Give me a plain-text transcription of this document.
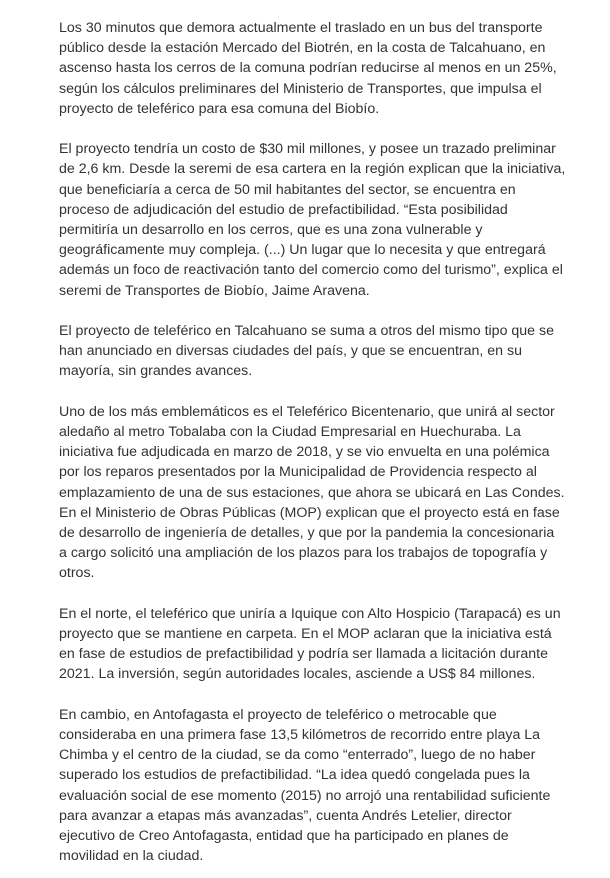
Los 30 minutos que demora actualmente el traslado en un bus del transporte público desde la estación Mercado del Biotrén, en la costa de Talcahuano, en ascenso hasta los cerros de la comuna podrían reducirse al menos en un 25%, según los cálculos preliminares del Ministerio de Transportes, que impulsa el proyecto de teleférico para esa comuna del Biobío.

El proyecto tendría un costo de $30 mil millones, y posee un trazado preliminar de 2,6 km. Desde la seremi de esa cartera en la región explican que la iniciativa, que beneficiaría a cerca de 50 mil habitantes del sector, se encuentra en proceso de adjudicación del estudio de prefactibilidad. “Esta posibilidad permitiría un desarrollo en los cerros, que es una zona vulnerable y geográficamente muy compleja. (...) Un lugar que lo necesita y que entregará además un foco de reactivación tanto del comercio como del turismo”, explica el seremi de Transportes de Biobío, Jaime Aravena.

El proyecto de teleférico en Talcahuano se suma a otros del mismo tipo que se han anunciado en diversas ciudades del país, y que se encuentran, en su mayoría, sin grandes avances.

Uno de los más emblemáticos es el Teleférico Bicentenario, que unirá al sector aledaño al metro Tobalaba con la Ciudad Empresarial en Huechuraba. La iniciativa fue adjudicada en marzo de 2018, y se vio envuelta en una polémica por los reparos presentados por la Municipalidad de Providencia respecto al emplazamiento de una de sus estaciones, que ahora se ubicará en Las Condes. En el Ministerio de Obras Públicas (MOP) explican que el proyecto está en fase de desarrollo de ingeniería de detalles, y que por la pandemia la concesionaria a cargo solicitó una ampliación de los plazos para los trabajos de topografía y otros.

En el norte, el teleférico que uniría a Iquique con Alto Hospicio (Tarapacá) es un proyecto que se mantiene en carpeta. En el MOP aclaran que la iniciativa está en fase de estudios de prefactibilidad y podría ser llamada a licitación durante 2021. La inversión, según autoridades locales, asciende a US$ 84 millones.

En cambio, en Antofagasta el proyecto de teleférico o metrocable que consideraba en una primera fase 13,5 kilómetros de recorrido entre playa La Chimba y el centro de la ciudad, se da como “enterrado”, luego de no haber superado los estudios de prefactibilidad. “La idea quedó congelada pues la evaluación social de ese momento (2015) no arrojó una rentabilidad suficiente para avanzar a etapas más avanzadas”, cuenta Andrés Letelier, director ejecutivo de Creo Antofagasta, entidad que ha participado en planes de movilidad en la ciudad.
